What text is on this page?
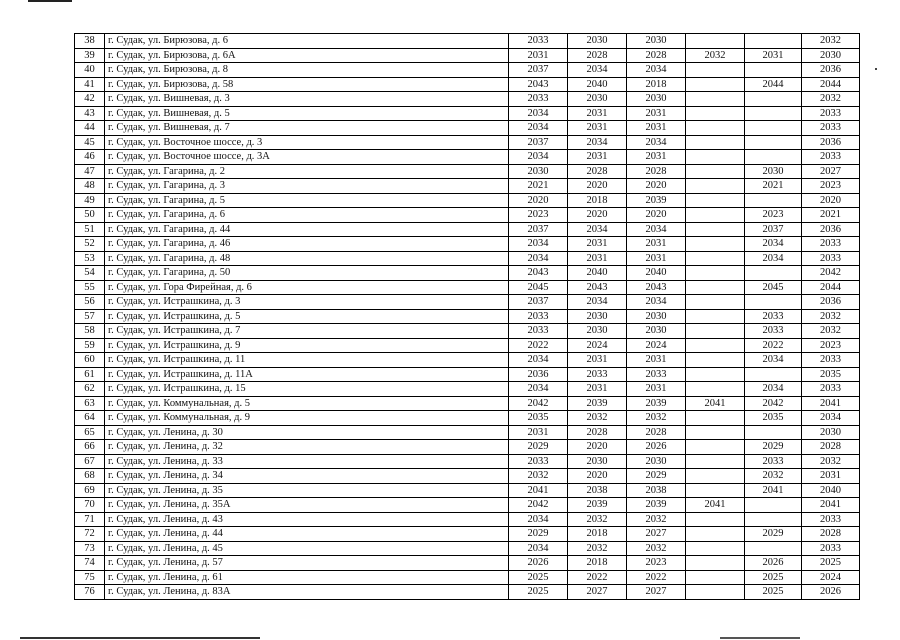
38	г. Судак, ул. Бирюзова, д. 6	2033	2030	2030			2032
39	г. Судак, ул. Бирюзова, д. 6А	2031	2028	2028	2032	2031	2030
40	г. Судак, ул. Бирюзова, д. 8	2037	2034	2034			2036
41	г. Судак, ул. Бирюзова, д. 58	2043	2040	2018		2044	2044
42	г. Судак, ул. Вишневая, д. 3	2033	2030	2030			2032
43	г. Судак, ул. Вишневая, д. 5	2034	2031	2031			2033
44	г. Судак, ул. Вишневая, д. 7	2034	2031	2031			2033
45	г. Судак, ул. Восточное шоссе, д. 3	2037	2034	2034			2036
46	г. Судак, ул. Восточное шоссе, д. 3А	2034	2031	2031			2033
47	г. Судак, ул. Гагарина, д. 2	2030	2028	2028		2030	2027
48	г. Судак, ул. Гагарина, д. 3	2021	2020	2020		2021	2023
49	г. Судак, ул. Гагарина, д. 5	2020	2018	2039			2020
50	г. Судак, ул. Гагарина, д. 6	2023	2020	2020		2023	2021
51	г. Судак, ул. Гагарина, д. 44	2037	2034	2034		2037	2036
52	г. Судак, ул. Гагарина, д. 46	2034	2031	2031		2034	2033
53	г. Судак, ул. Гагарина, д. 48	2034	2031	2031		2034	2033
54	г. Судак, ул. Гагарина, д. 50	2043	2040	2040			2042
55	г. Судак, ул. Гора Фирейная, д. 6	2045	2043	2043		2045	2044
56	г. Судак, ул. Истрашкина, д. 3	2037	2034	2034			2036
57	г. Судак, ул. Истрашкина, д. 5	2033	2030	2030		2033	2032
58	г. Судак, ул. Истрашкина, д. 7	2033	2030	2030		2033	2032
59	г. Судак, ул. Истрашкина, д. 9	2022	2024	2024		2022	2023
60	г. Судак, ул. Истрашкина, д. 11	2034	2031	2031		2034	2033
61	г. Судак, ул. Истрашкина, д. 11А	2036	2033	2033			2035
62	г. Судак, ул. Истрашкина, д. 15	2034	2031	2031		2034	2033
63	г. Судак, ул. Коммунальная, д. 5	2042	2039	2039	2041	2042	2041
64	г. Судак, ул. Коммунальная, д. 9	2035	2032	2032		2035	2034
65	г. Судак, ул. Ленина, д. 30	2031	2028	2028			2030
66	г. Судак, ул. Ленина, д. 32	2029	2020	2026		2029	2028
67	г. Судак, ул. Ленина, д. 33	2033	2030	2030		2033	2032
68	г. Судак, ул. Ленина, д. 34	2032	2020	2029		2032	2031
69	г. Судак, ул. Ленина, д. 35	2041	2038	2038		2041	2040
70	г. Судак, ул. Ленина, д. 35А	2042	2039	2039	2041		2041
71	г. Судак, ул. Ленина, д. 43	2034	2032	2032			2033
72	г. Судак, ул. Ленина, д. 44	2029	2018	2027		2029	2028
73	г. Судак, ул. Ленина, д. 45	2034	2032	2032			2033
74	г. Судак, ул. Ленина, д. 57	2026	2018	2023		2026	2025
75	г. Судак, ул. Ленина, д. 61	2025	2022	2022		2025	2024
76	г. Судак, ул. Ленина, д. 83А	2025	2027	2027		2025	2026
